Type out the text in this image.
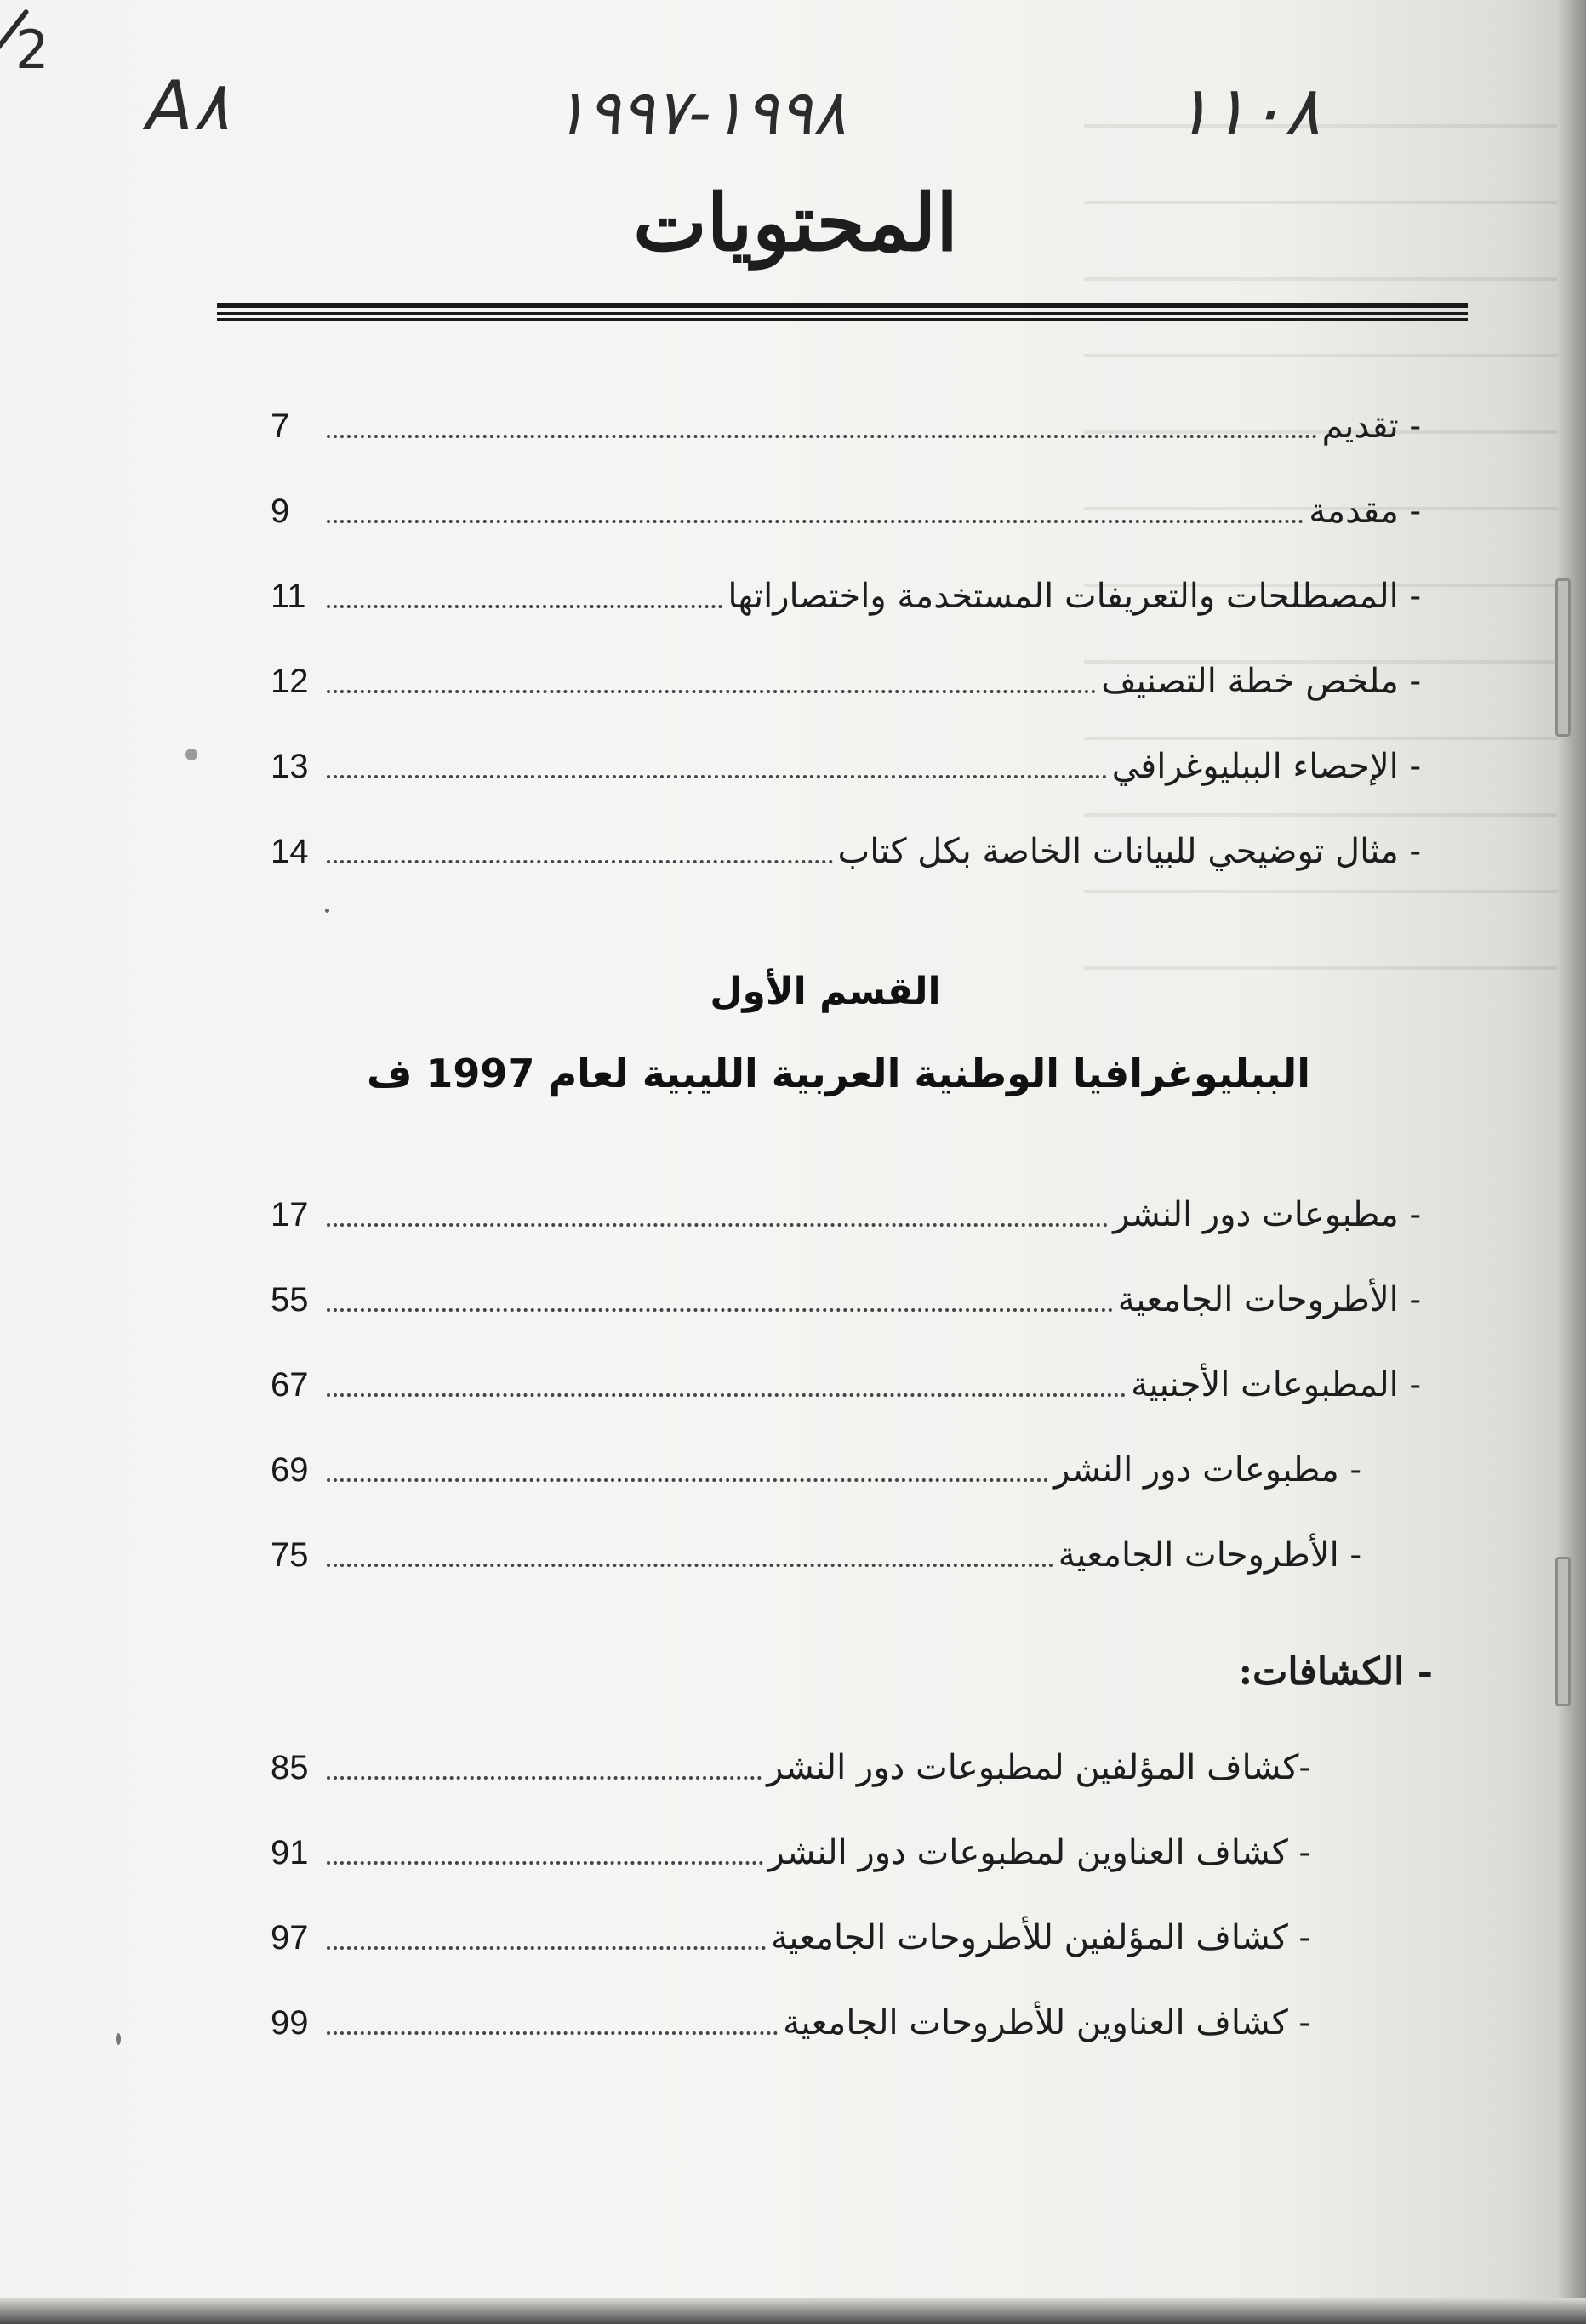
2
A٨	١٩٩٨-١٩٩٧	١١٠٨
المحتويات
7	- تقديم
9	- مقدمة
11	- المصطلحات والتعريفات المستخدمة واختصاراتها
12	- ملخص خطة التصنيف
13	- الإحصاء الببليوغرافي
14	- مثال توضيحي للبيانات الخاصة بكل كتاب
القسم الأول
الببليوغرافيا الوطنية العربية الليبية لعام 1997 ف
17	- مطبوعات دور النشر
55	- الأطروحات الجامعية
67	- المطبوعات الأجنبية
69	- مطبوعات دور النشر
75	- الأطروحات الجامعية
- الكشافات:
85	-كشاف المؤلفين لمطبوعات دور النشر
91	- كشاف العناوين لمطبوعات دور النشر
97	- كشاف المؤلفين للأطروحات الجامعية
99	- كشاف العناوين للأطروحات الجامعية
